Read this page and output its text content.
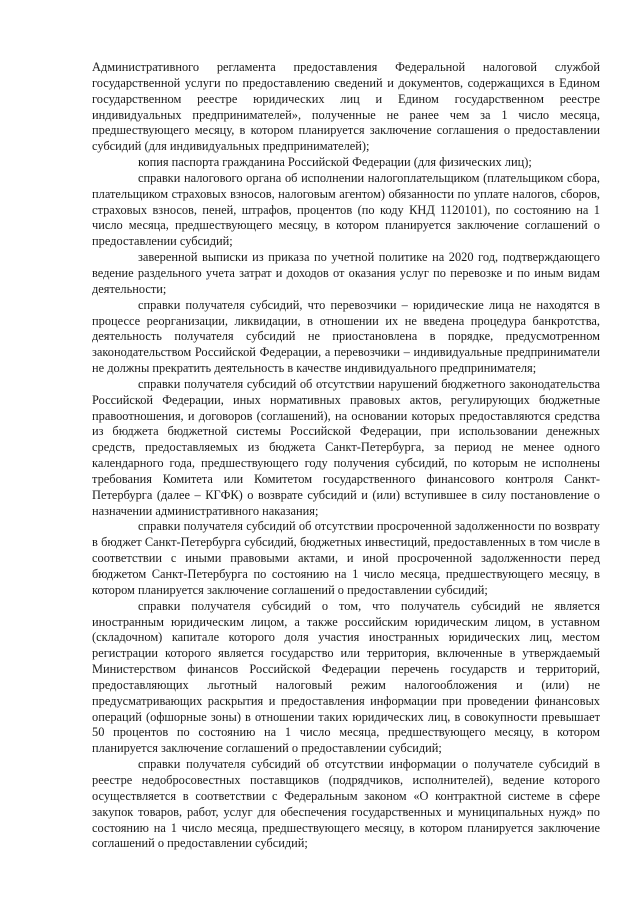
Административного регламента предоставления Федеральной налоговой службой государственной услуги по предоставлению сведений и документов, содержащихся в Едином государственном реестре юридических лиц и Едином государственном реестре индивидуальных предпринимателей», полученные не ранее чем за 1 число месяца, предшествующего месяцу, в котором планируется заключение соглашения о предоставлении субсидий (для индивидуальных предпринимателей);

копия паспорта гражданина Российской Федерации (для физических лиц);

справки налогового органа об исполнении налогоплательщиком (плательщиком сбора, плательщиком страховых взносов, налоговым агентом) обязанности по уплате налогов, сборов, страховых взносов, пеней, штрафов, процентов (по коду КНД 1120101), по состоянию на 1 число месяца, предшествующего месяцу, в котором планируется заключение соглашений о предоставлении субсидий;

заверенной выписки из приказа по учетной политике на 2020 год, подтверждающего ведение раздельного учета затрат и доходов от оказания услуг по перевозке и по иным видам деятельности;

справки получателя субсидий, что перевозчики – юридические лица не находятся в процессе реорганизации, ликвидации, в отношении их не введена процедура банкротства, деятельность получателя субсидий не приостановлена в порядке, предусмотренном законодательством Российской Федерации, а перевозчики – индивидуальные предприниматели не должны прекратить деятельность в качестве индивидуального предпринимателя;

справки получателя субсидий об отсутствии нарушений бюджетного законодательства Российской Федерации, иных нормативных правовых актов, регулирующих бюджетные правоотношения, и договоров (соглашений), на основании которых предоставляются средства из бюджета бюджетной системы Российской Федерации, при использовании денежных средств, предоставляемых из бюджета Санкт-Петербурга, за период не менее одного календарного года, предшествующего году получения субсидий, по которым не исполнены требования Комитета или Комитетом государственного финансового контроля Санкт-Петербурга (далее – КГФК) о возврате субсидий и (или) вступившее в силу постановление о назначении административного наказания;

справки получателя субсидий об отсутствии просроченной задолженности по возврату в бюджет Санкт-Петербурга субсидий, бюджетных инвестиций, предоставленных в том числе в соответствии с иными правовыми актами, и иной просроченной задолженности перед бюджетом Санкт-Петербурга по состоянию на 1 число месяца, предшествующего месяцу, в котором планируется заключение соглашений о предоставлении субсидий;

справки получателя субсидий о том, что получатель субсидий не является иностранным юридическим лицом, а также российским юридическим лицом, в уставном (складочном) капитале которого доля участия иностранных юридических лиц, местом регистрации которого является государство или территория, включенные в утверждаемый Министерством финансов Российской Федерации перечень государств и территорий, предоставляющих льготный налоговый режим налогообложения и (или) не предусматривающих раскрытия и предоставления информации при проведении финансовых операций (офшорные зоны) в отношении таких юридических лиц, в совокупности превышает 50 процентов по состоянию на 1 число месяца, предшествующего месяцу, в котором планируется заключение соглашений о предоставлении субсидий;

справки получателя субсидий об отсутствии информации о получателе субсидий в реестре недобросовестных поставщиков (подрядчиков, исполнителей), ведение которого осуществляется в соответствии с Федеральным законом «О контрактной системе в сфере закупок товаров, работ, услуг для обеспечения государственных и муниципальных нужд» по состоянию на 1 число месяца, предшествующего месяцу, в котором планируется заключение соглашений о предоставлении субсидий;
